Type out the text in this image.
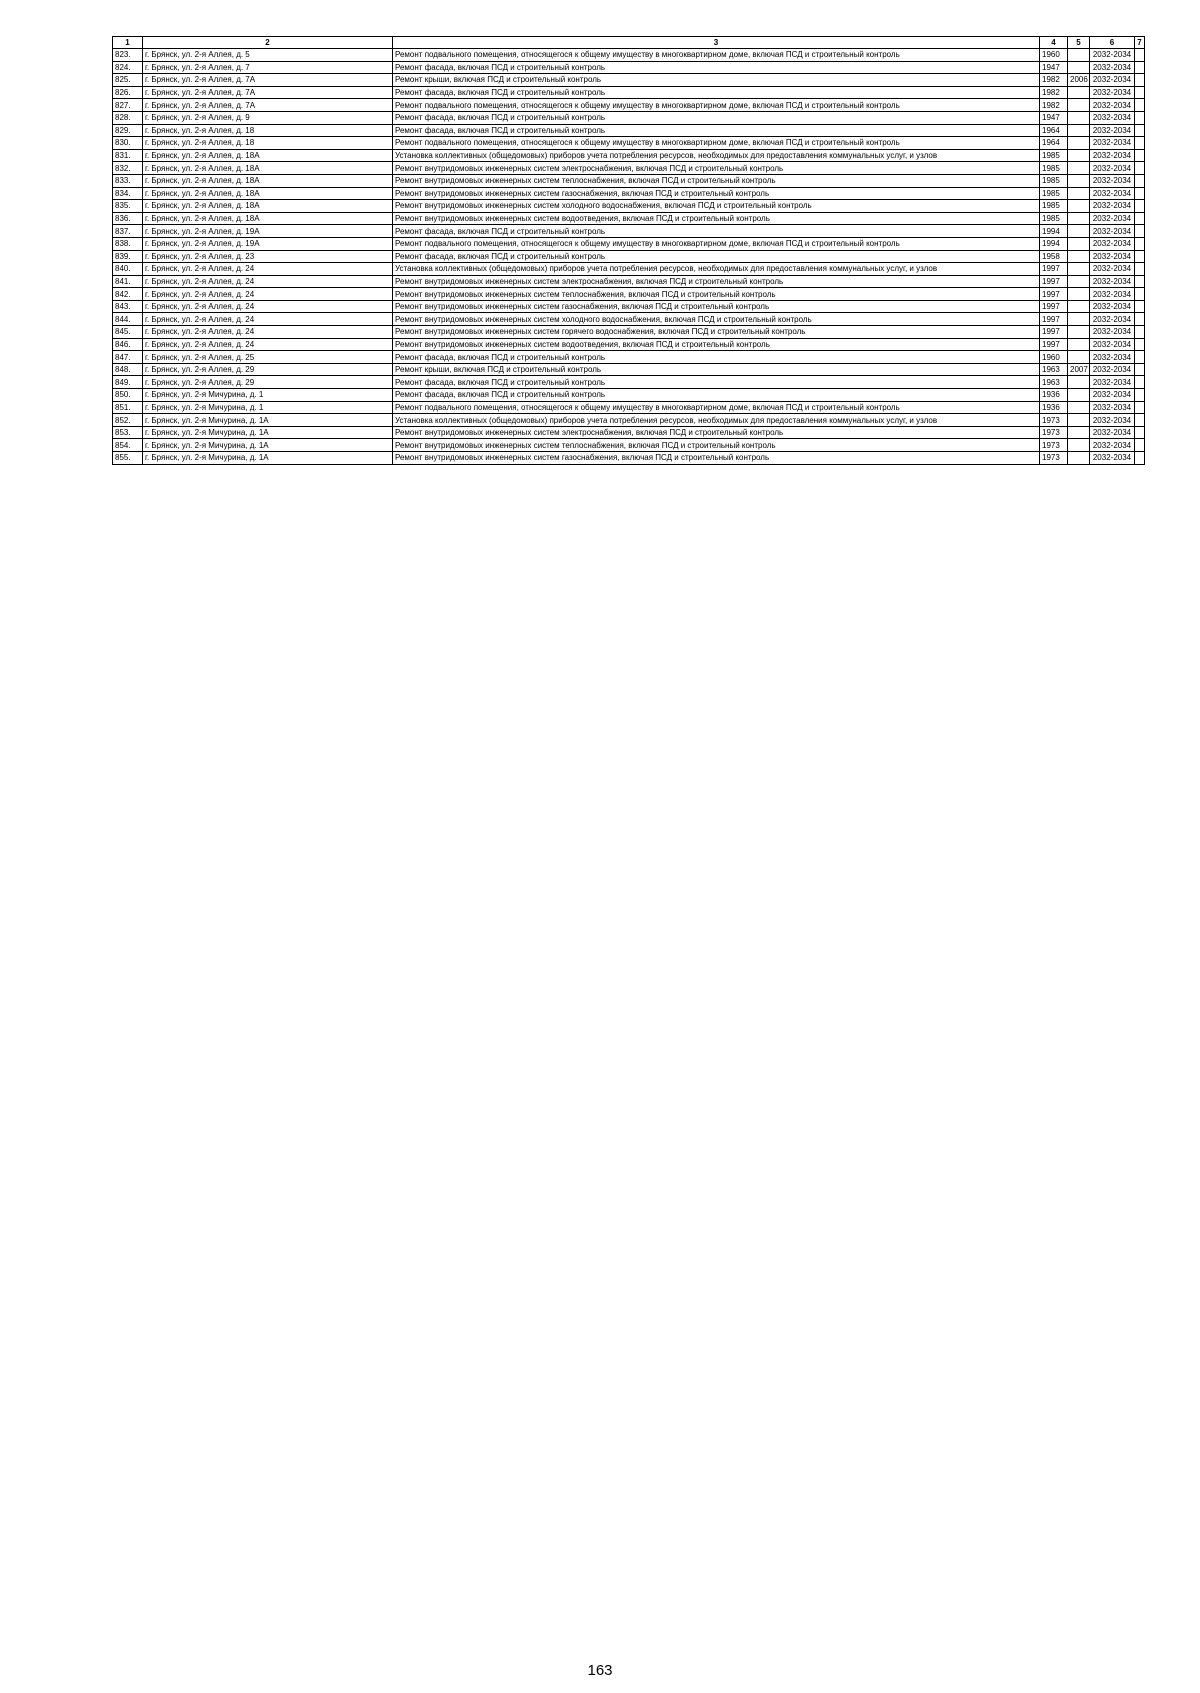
1	2	3	4	5	6	7
823.	г. Брянск, ул. 2-я Аллея, д. 5	Ремонт подвального помещения, относящегося к общему имуществу в многоквартирном доме, включая ПСД и строительный контроль	1960		2032-2034	
824.	г. Брянск, ул. 2-я Аллея, д. 7	Ремонт фасада, включая ПСД и строительный контроль	1947		2032-2034	
825.	г. Брянск, ул. 2-я Аллея, д. 7А	Ремонт крыши, включая ПСД и строительный контроль	1982	2006	2032-2034	
826.	г. Брянск, ул. 2-я Аллея, д. 7А	Ремонт фасада, включая ПСД и строительный контроль	1982		2032-2034	
827.	г. Брянск, ул. 2-я Аллея, д. 7А	Ремонт подвального помещения, относящегося к общему имуществу в многоквартирном доме, включая ПСД и строительный контроль	1982		2032-2034	
828.	г. Брянск, ул. 2-я Аллея, д. 9	Ремонт фасада, включая ПСД и строительный контроль	1947		2032-2034	
829.	г. Брянск, ул. 2-я Аллея, д. 18	Ремонт фасада, включая ПСД и строительный контроль	1964		2032-2034	
830.	г. Брянск, ул. 2-я Аллея, д. 18	Ремонт подвального помещения, относящегося к общему имуществу в многоквартирном доме, включая ПСД и строительный контроль	1964		2032-2034	
831.	г. Брянск, ул. 2-я Аллея, д. 18А	Установка коллективных (общедомовых) приборов учета потребления ресурсов, необходимых для предоставления коммунальных услуг, и узлов	1985		2032-2034	
832.	г. Брянск, ул. 2-я Аллея, д. 18А	Ремонт внутридомовых инженерных систем электроснабжения, включая ПСД и строительный контроль	1985		2032-2034	
833.	г. Брянск, ул. 2-я Аллея, д. 18А	Ремонт внутридомовых инженерных систем теплоснабжения, включая ПСД и строительный контроль	1985		2032-2034	
834.	г. Брянск, ул. 2-я Аллея, д. 18А	Ремонт внутридомовых инженерных систем газоснабжения, включая ПСД и строительный контроль	1985		2032-2034	
835.	г. Брянск, ул. 2-я Аллея, д. 18А	Ремонт внутридомовых инженерных систем холодного водоснабжения, включая ПСД и строительный контроль	1985		2032-2034	
836.	г. Брянск, ул. 2-я Аллея, д. 18А	Ремонт внутридомовых инженерных систем водоотведения, включая ПСД и строительный контроль	1985		2032-2034	
837.	г. Брянск, ул. 2-я Аллея, д. 19А	Ремонт фасада, включая ПСД и строительный контроль	1994		2032-2034	
838.	г. Брянск, ул. 2-я Аллея, д. 19А	Ремонт подвального помещения, относящегося к общему имуществу в многоквартирном доме, включая ПСД и строительный контроль	1994		2032-2034	
839.	г. Брянск, ул. 2-я Аллея, д. 23	Ремонт фасада, включая ПСД и строительный контроль	1958		2032-2034	
840.	г. Брянск, ул. 2-я Аллея, д. 24	Установка коллективных (общедомовых) приборов учета потребления ресурсов, необходимых для предоставления коммунальных услуг, и узлов	1997		2032-2034	
841.	г. Брянск, ул. 2-я Аллея, д. 24	Ремонт внутридомовых инженерных систем электроснабжения, включая ПСД и строительный контроль	1997		2032-2034	
842.	г. Брянск, ул. 2-я Аллея, д. 24	Ремонт внутридомовых инженерных систем теплоснабжения, включая ПСД и строительный контроль	1997		2032-2034	
843.	г. Брянск, ул. 2-я Аллея, д. 24	Ремонт внутридомовых инженерных систем газоснабжения, включая ПСД и строительный контроль	1997		2032-2034	
844.	г. Брянск, ул. 2-я Аллея, д. 24	Ремонт внутридомовых инженерных систем холодного водоснабжения, включая ПСД и строительный контроль	1997		2032-2034	
845.	г. Брянск, ул. 2-я Аллея, д. 24	Ремонт внутридомовых инженерных систем горячего водоснабжения, включая ПСД и строительный контроль	1997		2032-2034	
846.	г. Брянск, ул. 2-я Аллея, д. 24	Ремонт внутридомовых инженерных систем водоотведения, включая ПСД и строительный контроль	1997		2032-2034	
847.	г. Брянск, ул. 2-я Аллея, д. 25	Ремонт фасада, включая ПСД и строительный контроль	1960		2032-2034	
848.	г. Брянск, ул. 2-я Аллея, д. 29	Ремонт крыши, включая ПСД и строительный контроль	1963	2007	2032-2034	
849.	г. Брянск, ул. 2-я Аллея, д. 29	Ремонт фасада, включая ПСД и строительный контроль	1963		2032-2034	
850.	г. Брянск, ул. 2-я Мичурина, д. 1	Ремонт фасада, включая ПСД и строительный контроль	1936		2032-2034	
851.	г. Брянск, ул. 2-я Мичурина, д. 1	Ремонт подвального помещения, относящегося к общему имуществу в многоквартирном доме, включая ПСД и строительный контроль	1936		2032-2034	
852.	г. Брянск, ул. 2-я Мичурина, д. 1А	Установка коллективных (общедомовых) приборов учета потребления ресурсов, необходимых для предоставления коммунальных услуг, и узлов	1973		2032-2034	
853.	г. Брянск, ул. 2-я Мичурина, д. 1А	Ремонт внутридомовых инженерных систем электроснабжения, включая ПСД и строительный контроль	1973		2032-2034	
854.	г. Брянск, ул. 2-я Мичурина, д. 1А	Ремонт внутридомовых инженерных систем теплоснабжения, включая ПСД и строительный контроль	1973		2032-2034	
855.	г. Брянск, ул. 2-я Мичурина, д. 1А	Ремонт внутридомовых инженерных систем газоснабжения, включая ПСД и строительный контроль	1973		2032-2034	
163
